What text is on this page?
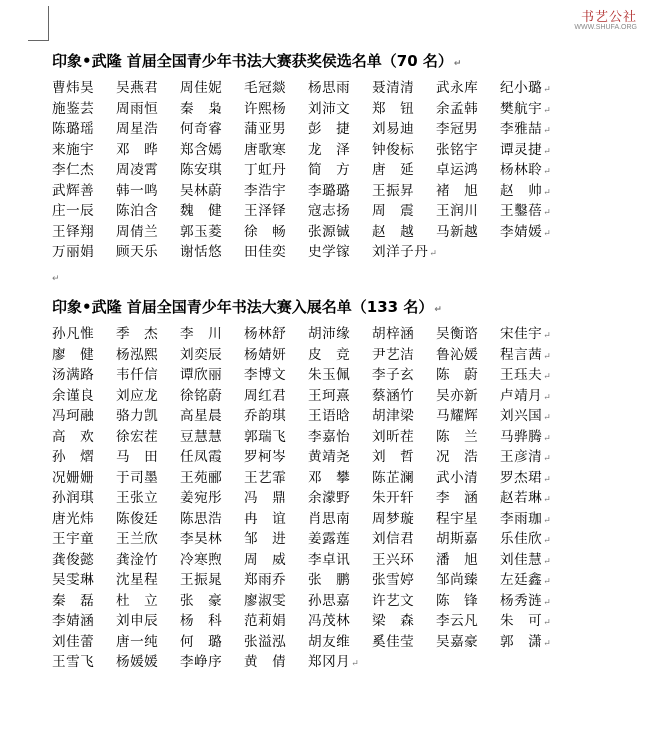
书艺公社
WWW.SHUFA.ORG
印象•武隆 首届全国青少年书法大赛获奖侯选名单（70 名）↵
曹炜昊	吴燕君	周佳妮	毛冠燚	杨思雨	聂清清	武永库	纪小璐↵
施鉴芸	周雨恒	秦　枭	许熙杨	刘沛文	郑　钮	余孟韩	樊航宇↵
陈璐瑶	周星浩	何奇睿	蒲亚男	彭　捷	刘易迪	李冠男	李雅喆↵
来施宇	邓　晔	郑含嫣	唐歌寒	龙　泽	钟俊标	张铭宇	谭灵捷↵
李仁杰	周凌霄	陈安琪	丁虹丹	简　方	唐　延	卓运鸿	杨林聆↵
武辉善	韩一鸣	吴林蔚	李浩宇	李璐璐	王振昇	褚　旭	赵　帅↵
庄一辰	陈泊含	魏　健	王泽铎	寇志扬	周　震	王润川	王鑿蓓↵
王铎翔	周倩兰	郭玉菱	徐　畅	张源铖	赵　越	马新越	李婧媛↵
万丽娟	顾天乐	谢恬悠	田佳奕	史学镓	刘洋子丹↵
↵
印象•武隆 首届全国青少年书法大赛入展名单（133 名）↵
孙凡惟	季　杰	李　川	杨林舒	胡沛缘	胡梓涵	吴衡谘	宋佳宇↵
廖　健	杨泓熙	刘奕辰	杨婧妍	皮　竞	尹艺洁	鲁沁媛	程言茜↵
汤满路	韦仟信	谭欣丽	李博文	朱玉佩	李子玄	陈　蔚	王珏夫↵
余谨良	刘应龙	徐铭蔚	周红君	王珂熹	蔡涵竹	吴亦新	卢靖月↵
冯珂融	骆力凯	高星晨	乔韵琪	王语晗	胡津梁	马耀辉	刘兴国↵
高　欢	徐宏茬	豆慧慧	郭瑞飞	李嘉怡	刘昕茬	陈　兰	马骅腾↵
孙　熠	马　田	任凤霞	罗柯岑	黄靖尧	刘　哲	况　浩	王彦清↵
况姗姗	于司墨	王苑郦	王艺霏	邓　攀	陈芷澜	武小清	罗杰珺↵
孙润琪	王张立	姜宛彤	冯　鼎	余濛野	朱开轩	李　涵	赵若琳↵
唐光炜	陈俊廷	陈思浩	冉　谊	肖思南	周梦璇	程宇星	李雨珈↵
王宇童	王兰欣	李昊林	邹　进	姜露莲	刘信君	胡斯嘉	乐佳欣↵
龚俊懿	龚淦竹	冷寒煦	周　威	李卓讯	王兴环	潘　旭	刘佳慧↵
吴雯琳	沈星程	王振晁	郑雨乔	张　鹏	张雪婷	邹尚臻	左廷鑫↵
秦　磊	杜　立	张　豪	廖淑雯	孙思嘉	许艺文	陈　锋	杨秀涟↵
李婧涵	刘申辰	杨　科	范莉娟	冯茂林	梁　森	李云凡	朱　可↵
刘佳蕾	唐一纯	何　璐	张溢泓	胡友维	奚佳莹	吴嘉豪	郭　潇↵
王雪飞	杨媛媛	李峥序	黄　倩	郑冈月↵
